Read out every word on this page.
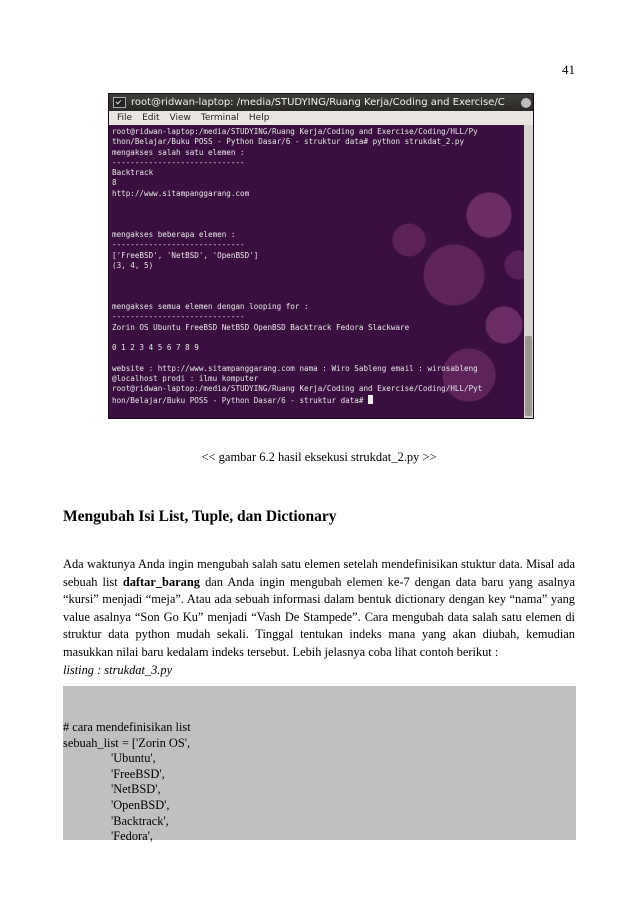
41
root@ridwan-laptop: /media/STUDYING/Ruang Kerja/Coding and Exercise/C
File Edit View Terminal Help
root@ridwan-laptop:/media/STUDYING/Ruang Kerja/Coding and Exercise/Coding/HLL/Py
thon/Belajar/Buku POSS - Python Dasar/6 - struktur data# python strukdat_2.py
mengakses salah satu elemen :
-----------------------------
Backtrack
8
http://www.sitampanggarang.com

mengakses beberapa elemen :
-----------------------------
['FreeBSD', 'NetBSD', 'OpenBSD']
(3, 4, 5)

mengakses semua elemen dengan looping for :
-----------------------------
Zorin OS Ubuntu FreeBSD NetBSD OpenBSD Backtrack Fedora Slackware

0 1 2 3 4 5 6 7 8 9

website : http://www.sitampanggarang.com nama : Wiro Sableng email : wirosableng
@localhost prodi : ilmu komputer
root@ridwan-laptop:/media/STUDYING/Ruang Kerja/Coding and Exercise/Coding/HLL/Pyt
hon/Belajar/Buku POSS - Python Dasar/6 - struktur data#

<< gambar 6.2 hasil eksekusi strukdat_2.py >>
Mengubah Isi List, Tuple, dan Dictionary

Ada waktunya Anda ingin mengubah salah satu elemen setelah mendefinisikan stuktur data. Misal ada sebuah list daftar_barang dan Anda ingin mengubah elemen ke-7 dengan data baru yang asalnya “kursi” menjadi “meja”. Atau ada sebuah informasi dalam bentuk dictionary dengan key “nama” yang value asalnya “Son Go Ku” menjadi “Vash De Stampede”. Cara mengubah data salah satu elemen di struktur data python mudah sekali. Tinggal tentukan indeks mana yang akan diubah, kemudian masukkan nilai baru kedalam indeks tersebut. Lebih jelasnya coba lihat contoh berikut :

listing : strukdat_3.py
# cara mendefinisikan list
sebuah_list = ['Zorin OS',
	'Ubuntu',
	'FreeBSD',
	'NetBSD',
	'OpenBSD',
	'Backtrack',
	'Fedora',
